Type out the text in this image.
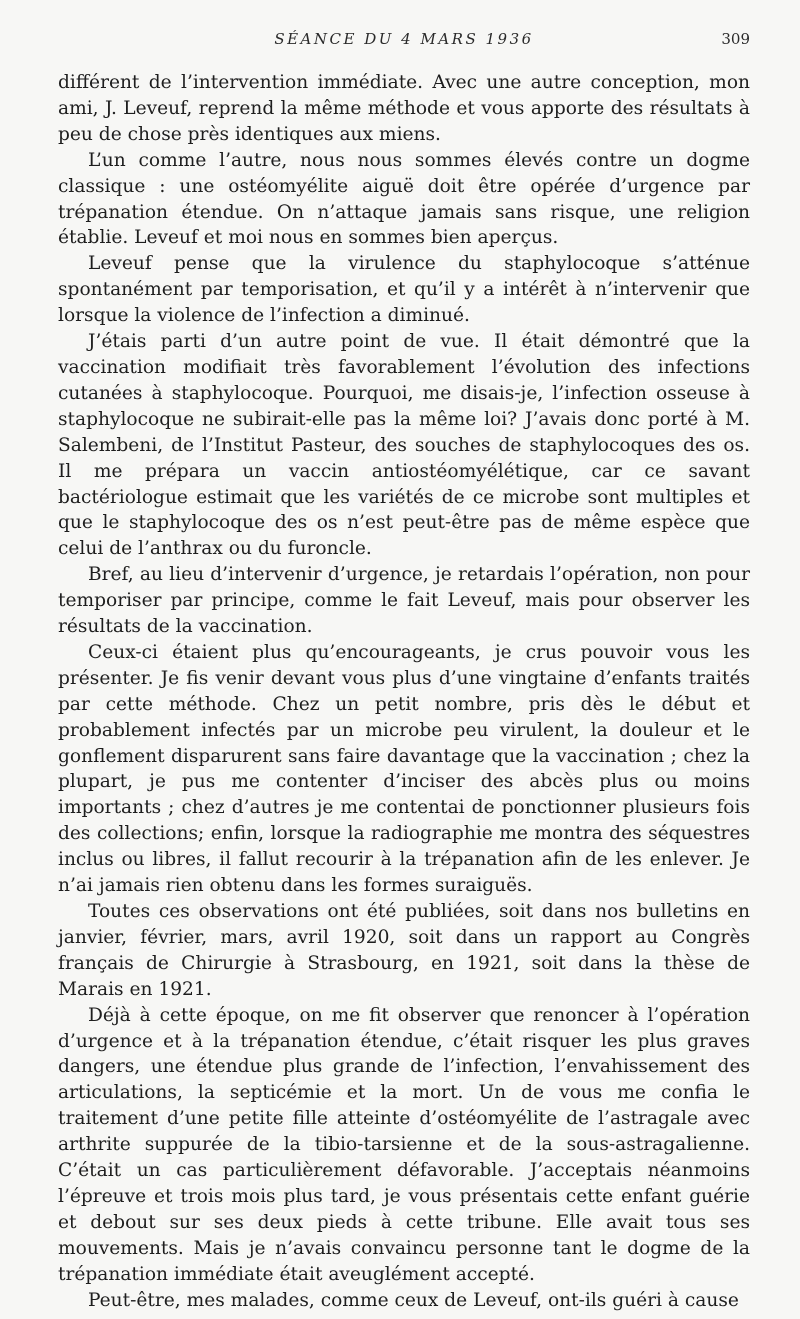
SÉANCE DU 4 MARS 1936	309

différent de l’intervention immédiate. Avec une autre conception, mon ami, J. Leveuf, reprend la même méthode et vous apporte des résultats à peu de chose près identiques aux miens.

L’un comme l’autre, nous nous sommes élevés contre un dogme classique : une ostéomyélite aiguë doit être opérée d’urgence par trépanation étendue. On n’attaque jamais sans risque, une religion établie. Leveuf et moi nous en sommes bien aperçus.

Leveuf pense que la virulence du staphylocoque s’atténue spontanément par temporisation, et qu’il y a intérêt à n’intervenir que lorsque la violence de l’infection a diminué.

J’étais parti d’un autre point de vue. Il était démontré que la vaccination modifiait très favorablement l’évolution des infections cutanées à staphylocoque. Pourquoi, me disais-je, l’infection osseuse à staphylocoque ne subirait-elle pas la même loi? J’avais donc porté à M. Salembeni, de l’Institut Pasteur, des souches de staphylocoques des os. Il me prépara un vaccin antiostéomyélétique, car ce savant bactériologue estimait que les variétés de ce microbe sont multiples et que le staphylocoque des os n’est peut-être pas de même espèce que celui de l’anthrax ou du furoncle.

Bref, au lieu d’intervenir d’urgence, je retardais l’opération, non pour temporiser par principe, comme le fait Leveuf, mais pour observer les résultats de la vaccination.

Ceux-ci étaient plus qu’encourageants, je crus pouvoir vous les présenter. Je fis venir devant vous plus d’une vingtaine d’enfants traités par cette méthode. Chez un petit nombre, pris dès le début et probablement infectés par un microbe peu virulent, la douleur et le gonflement disparurent sans faire davantage que la vaccination ; chez la plupart, je pus me contenter d’inciser des abcès plus ou moins importants ; chez d’autres je me contentai de ponctionner plusieurs fois des collections; enfin, lorsque la radiographie me montra des séquestres inclus ou libres, il fallut recourir à la trépanation afin de les enlever. Je n’ai jamais rien obtenu dans les formes suraiguës.

Toutes ces observations ont été publiées, soit dans nos bulletins en janvier, février, mars, avril 1920, soit dans un rapport au Congrès français de Chirurgie à Strasbourg, en 1921, soit dans la thèse de Marais en 1921.

Déjà à cette époque, on me fit observer que renoncer à l’opération d’urgence et à la trépanation étendue, c’était risquer les plus graves dangers, une étendue plus grande de l’infection, l’envahissement des articulations, la septicémie et la mort. Un de vous me confia le traitement d’une petite fille atteinte d’ostéomyélite de l’astragale avec arthrite suppurée de la tibio-tarsienne et de la sous-astragalienne. C’était un cas particulièrement défavorable. J’acceptais néanmoins l’épreuve et trois mois plus tard, je vous présentais cette enfant guérie et debout sur ses deux pieds à cette tribune. Elle avait tous ses mouvements. Mais je n’avais convaincu personne tant le dogme de la trépanation immédiate était aveuglément accepté.

Peut-être, mes malades, comme ceux de Leveuf, ont-ils guéri à cause
